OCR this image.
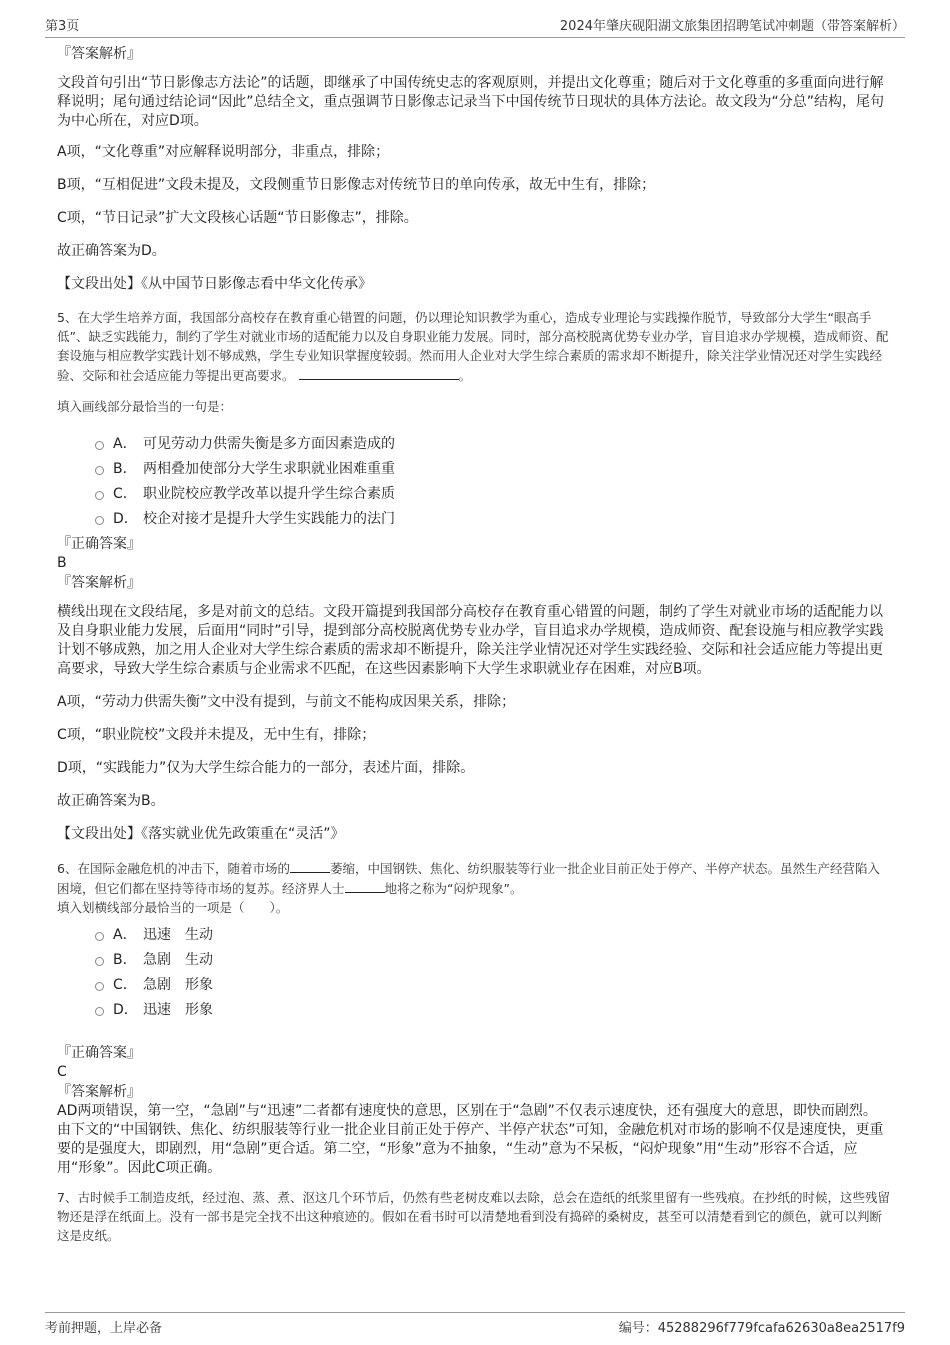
第3页	2024年肇庆砚阳湖文旅集团招聘笔试冲刺题（带答案解析）

『答案解析』

文段首句引出“节日影像志方法论”的话题，即继承了中国传统史志的客观原则，并提出文化尊重；随后对于文化尊重的多重面向进行解释说明；尾句通过结论词“因此”总结全文，重点强调节日影像志记录当下中国传统节日现状的具体方法论。故文段为“分总”结构，尾句为中心所在，对应D项。

A项，“文化尊重”对应解释说明部分，非重点，排除；

B项，“互相促进”文段未提及，文段侧重节日影像志对传统节日的单向传承，故无中生有，排除；

C项，“节日记录”扩大文段核心话题“节日影像志”，排除。

故正确答案为D。

【文段出处】《从中国节日影像志看中华文化传承》

5、在大学生培养方面，我国部分高校存在教育重心错置的问题，仍以理论知识教学为重心，造成专业理论与实践操作脱节，导致部分大学生“眼高手低”、缺乏实践能力，制约了学生对就业市场的适配能力以及自身职业能力发展。同时，部分高校脱离优势专业办学，盲目追求办学规模，造成师资、配套设施与相应教学实践计划不够成熟，学生专业知识掌握度较弱。然而用人企业对大学生综合素质的需求却不断提升，除关注学业情况还对学生实践经验、交际和社会适应能力等提出更高要求。	。

填入画线部分最恰当的一句是：

A． 可见劳动力供需失衡是多方面因素造成的
B． 两相叠加使部分大学生求职就业困难重重
C． 职业院校应教学改革以提升学生综合素质
D． 校企对接才是提升大学生实践能力的法门

『正确答案』

B

『答案解析』

横线出现在文段结尾，多是对前文的总结。文段开篇提到我国部分高校存在教育重心错置的问题，制约了学生对就业市场的适配能力以及自身职业能力发展，后面用“同时”引导，提到部分高校脱离优势专业办学，盲目追求办学规模，造成师资、配套设施与相应教学实践计划不够成熟，加之用人企业对大学生综合素质的需求却不断提升，除关注学业情况还对学生实践经验、交际和社会适应能力等提出更高要求，导致大学生综合素质与企业需求不匹配，在这些因素影响下大学生求职就业存在困难，对应B项。

A项，“劳动力供需失衡”文中没有提到，与前文不能构成因果关系，排除；

C项，“职业院校”文段并未提及，无中生有，排除；

D项，“实践能力”仅为大学生综合能力的一部分，表述片面，排除。

故正确答案为B。

【文段出处】《落实就业优先政策重在“灵活”》

6、在国际金融危机的冲击下，随着市场的	萎缩，中国钢铁、焦化、纺织服装等行业一批企业目前正处于停产、半停产状态。虽然生产经营陷入困境，但它们都在坚持等待市场的复苏。经济界人士	地将之称为“闷炉现象”。

填入划横线部分最恰当的一项是（　　）。

A． 迅速　生动
B． 急剧　生动
C． 急剧　形象
D． 迅速　形象

『正确答案』

C

『答案解析』

AD两项错误，第一空，“急剧”与“迅速”二者都有速度快的意思，区别在于“急剧”不仅表示速度快，还有强度大的意思，即快而剧烈。由下文的“中国钢铁、焦化、纺织服装等行业一批企业目前正处于停产、半停产状态”可知，金融危机对市场的影响不仅是速度快，更重要的是强度大，即剧烈，用“急剧”更合适。第二空，“形象”意为不抽象，“生动”意为不呆板，“闷炉现象”用“生动”形容不合适，应用“形象”。因此C项正确。

7、古时候手工制造皮纸，经过泡、蒸、煮、沤这几个环节后，仍然有些老树皮难以去除，总会在造纸的纸浆里留有一些残痕。在抄纸的时候，这些残留物还是浮在纸面上。没有一部书是完全找不出这种痕迹的。假如在看书时可以清楚地看到没有捣碎的桑树皮，甚至可以清楚看到它的颜色，就可以判断这是皮纸。

考前押题，上岸必备	编号：45288296f779fcafa62630a8ea2517f9
